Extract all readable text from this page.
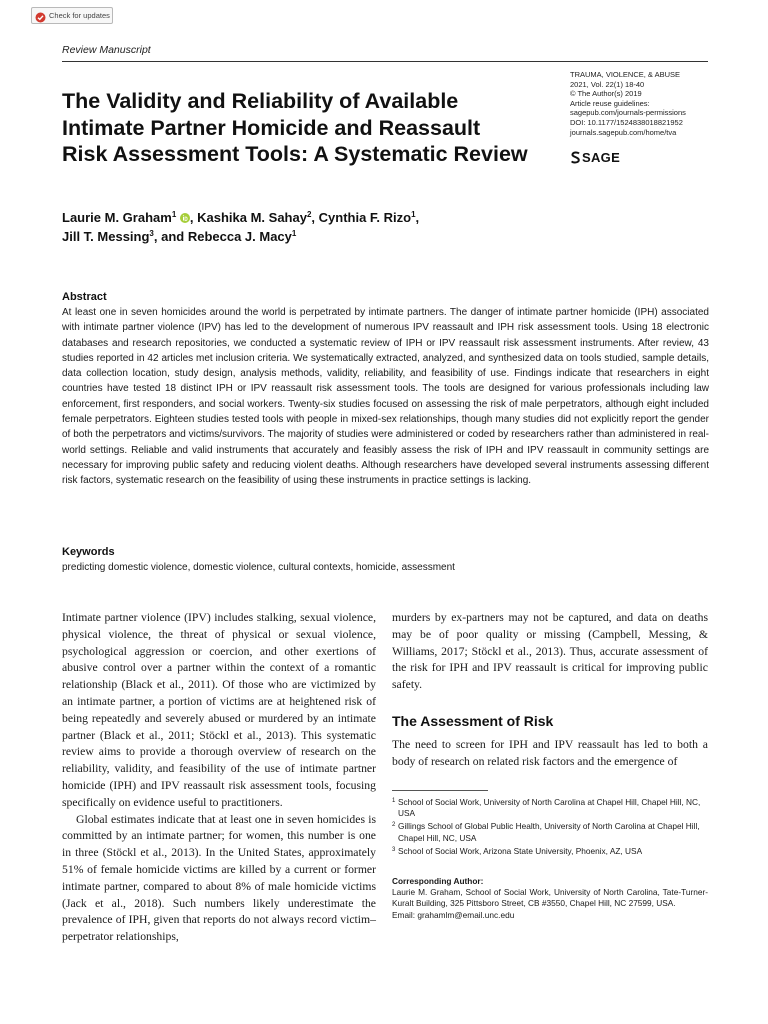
Check for updates
Review Manuscript
The Validity and Reliability of Available
Intimate Partner Homicide and Reassault
Risk Assessment Tools: A Systematic Review
TRAUMA, VIOLENCE, & ABUSE
2021, Vol. 22(1) 18-40
© The Author(s) 2019
Article reuse guidelines:
sagepub.com/journals-permissions
DOI: 10.1177/1524838018821952
journals.sagepub.com/home/tva
SAGE
Laurie M. Graham$^1$ , Kashika M. Sahay$^2$, Cynthia F. Rizo$^1$,
Jill T. Messing$^3$, and Rebecca J. Macy$^1$
Abstract

At least one in seven homicides around the world is perpetrated by intimate partners. The danger of intimate partner homicide (IPH) associated with intimate partner violence (IPV) has led to the development of numerous IPV reassault and IPH risk assessment tools. Using 18 electronic databases and research repositories, we conducted a systematic review of IPH or IPV reassault risk assessment instruments. After review, 43 studies reported in 42 articles met inclusion criteria. We systematically extracted, analyzed, and synthesized data on tools studied, sample details, data collection location, study design, analysis methods, validity, reliability, and feasibility of use. Findings indicate that researchers in eight countries have tested 18 distinct IPH or IPV reassault risk assessment tools. The tools are designed for various professionals including law enforcement, first responders, and social workers. Twenty-six studies focused on assessing the risk of male perpetrators, although eight included female perpetrators. Eighteen studies tested tools with people in mixed-sex relationships, though many studies did not explicitly report the gender of both the perpetrators and victims/survivors. The majority of studies were administered or coded by researchers rather than administered in real-world settings. Reliable and valid instruments that accurately and feasibly assess the risk of IPH and IPV reassault in community settings are necessary for improving public safety and reducing violent deaths. Although researchers have developed several instruments assessing different risk factors, systematic research on the feasibility of using these instruments in practice settings is lacking.

Keywords
predicting domestic violence, domestic violence, cultural contexts, homicide, assessment

Intimate partner violence (IPV) includes stalking, sexual violence, physical violence, the threat of physical or sexual violence, psychological aggression or coercion, and other exertions of abusive control over a partner within the context of a romantic relationship (Black et al., 2011). Of those who are victimized by an intimate partner, a portion of victims are at heightened risk of being repeatedly and severely abused or murdered by an intimate partner (Black et al., 2011; Stöckl et al., 2013). This systematic review aims to provide a thorough overview of research on the reliability, validity, and feasibility of the use of intimate partner homicide (IPH) and IPV reassault risk assessment tools, focusing specifically on evidence useful to practitioners.

Global estimates indicate that at least one in seven homicides is committed by an intimate partner; for women, this number is one in three (Stöckl et al., 2013). In the United States, approximately 51% of female homicide victims are killed by a current or former intimate partner, compared to about 8% of male homicide victims (Jack et al., 2018). Such numbers likely underestimate the prevalence of IPH, given that reports do not always record victim–perpetrator relationships,

murders by ex-partners may not be captured, and data on deaths may be of poor quality or missing (Campbell, Messing, & Williams, 2017; Stöckl et al., 2013). Thus, accurate assessment of the risk for IPH and IPV reassault is critical for improving public safety.

The Assessment of Risk

The need to screen for IPH and IPV reassault has led to both a body of research on related risk factors and the emergence of

1 School of Social Work, University of North Carolina at Chapel Hill, Chapel Hill, NC, USA
2 Gillings School of Global Public Health, University of North Carolina at Chapel Hill, Chapel Hill, NC, USA
3 School of Social Work, Arizona State University, Phoenix, AZ, USA
Corresponding Author:
Laurie M. Graham, School of Social Work, University of North Carolina, Tate-Turner-Kuralt Building, 325 Pittsboro Street, CB #3550, Chapel Hill, NC 27599, USA.
Email: grahamlm@email.unc.edu
